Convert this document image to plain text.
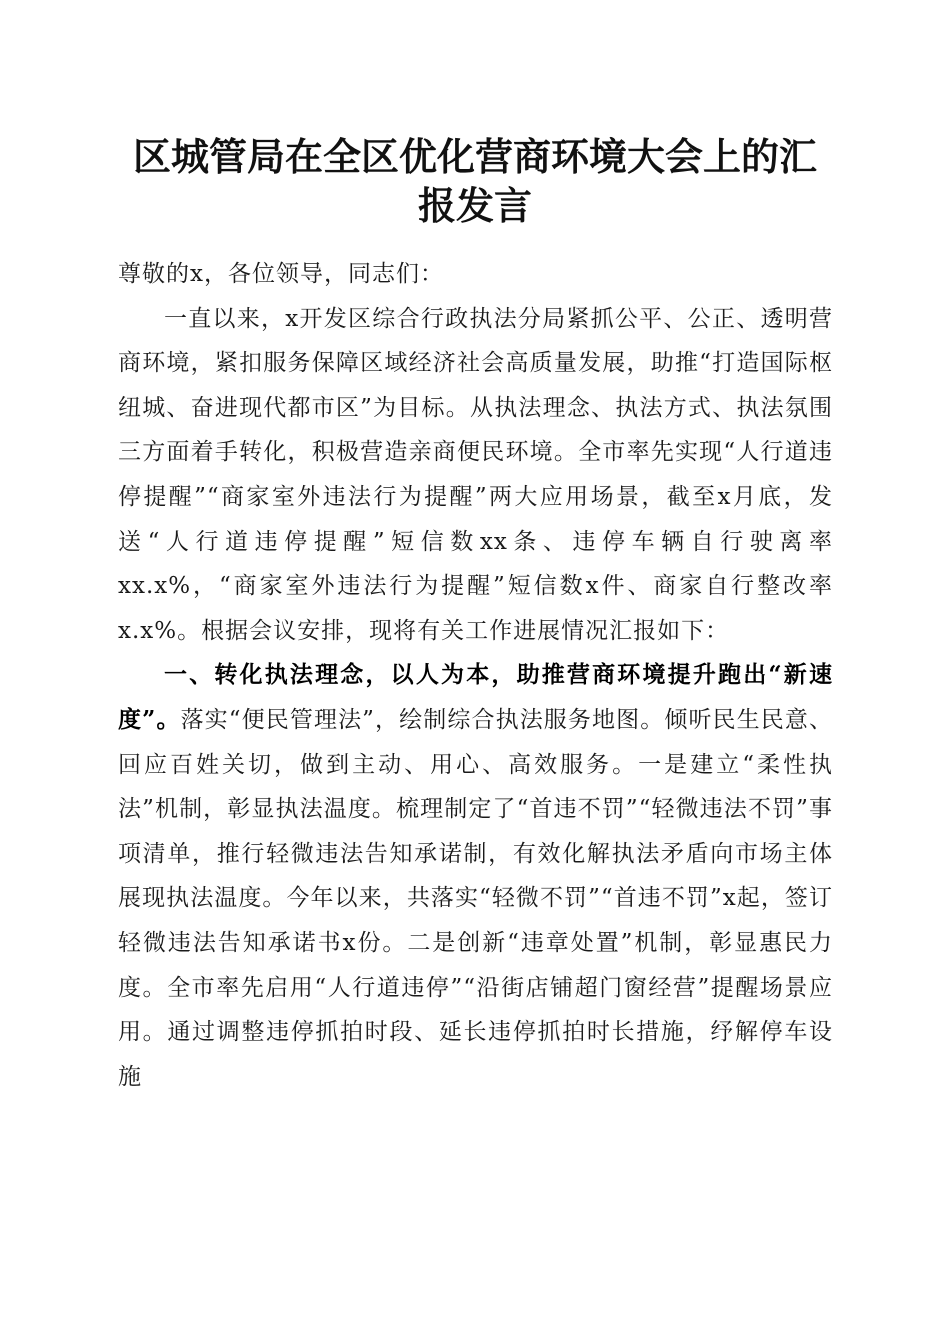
区城管局在全区优化营商环境大会上的汇报发言

尊敬的x，各位领导，同志们：

一直以来，x开发区综合行政执法分局紧抓公平、公正、透明营商环境，紧扣服务保障区域经济社会高质量发展，助推“打造国际枢纽城、奋进现代都市区”为目标。从执法理念、执法方式、执法氛围三方面着手转化，积极营造亲商便民环境。全市率先实现“人行道违停提醒”“商家室外违法行为提醒”两大应用场景，截至x月底，发送“人行道违停提醒”短信数xx条、违停车辆自行驶离率xx.x%，“商家室外违法行为提醒”短信数x件、商家自行整改率x.x%。根据会议安排，现将有关工作进展情况汇报如下：

一、转化执法理念，以人为本，助推营商环境提升跑出“新速度”。落实“便民管理法”，绘制综合执法服务地图。倾听民生民意、回应百姓关切，做到主动、用心、高效服务。一是建立“柔性执法”机制，彰显执法温度。梳理制定了“首违不罚”“轻微违法不罚”事项清单，推行轻微违法告知承诺制，有效化解执法矛盾向市场主体展现执法温度。今年以来，共落实“轻微不罚”“首违不罚”x起，签订轻微违法告知承诺书x份。二是创新“违章处置”机制，彰显惠民力度。全市率先启用“人行道违停”“沿街店铺超门窗经营”提醒场景应用。通过调整违停抓拍时段、延长违停抓拍时长措施，纾解停车设施
